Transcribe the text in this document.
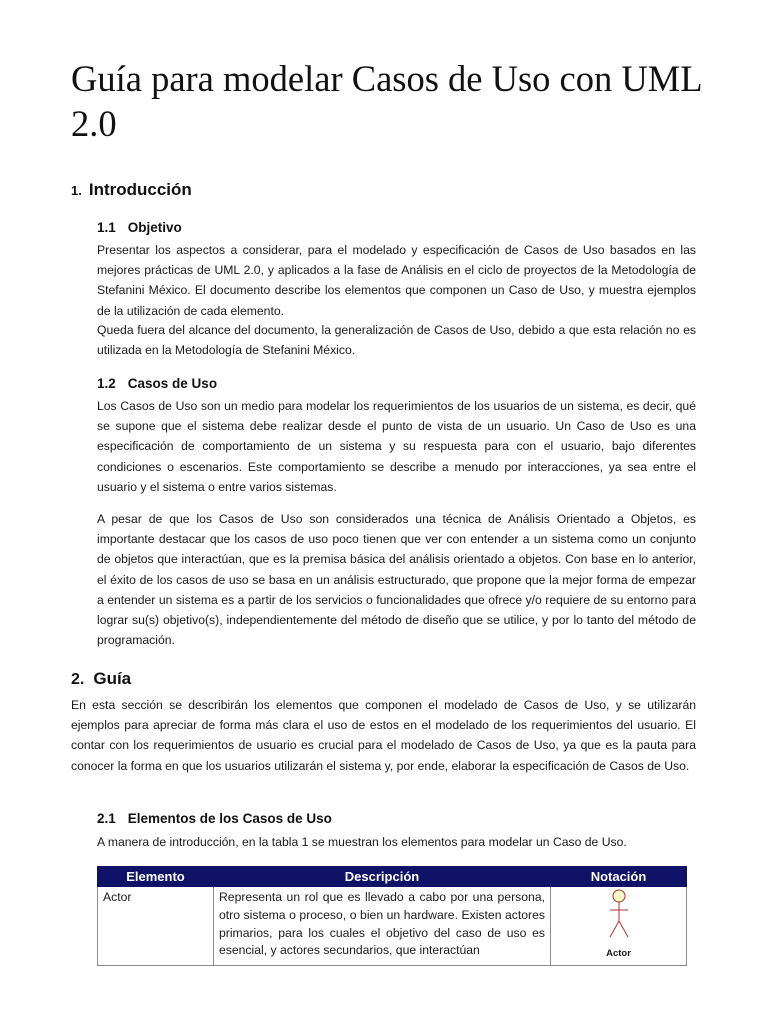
Guía para modelar Casos de Uso con UML 2.0
1. Introducción
1.1 Objetivo

Presentar los aspectos a considerar, para el modelado y especificación de Casos de Uso basados en las mejores prácticas de UML 2.0, y aplicados a la fase de Análisis en el ciclo de proyectos de la Metodología de Stefanini México. El documento describe los elementos que componen un Caso de Uso, y muestra ejemplos de la utilización de cada elemento.

Queda fuera del alcance del documento, la generalización de Casos de Uso, debido a que esta relación no es utilizada en la Metodología de Stefanini México.

1.2 Casos de Uso

Los Casos de Uso son un medio para modelar los requerimientos de los usuarios de un sistema, es decir, qué se supone que el sistema debe realizar desde el punto de vista de un usuario. Un Caso de Uso es una especificación de comportamiento de un sistema y su respuesta para con el usuario, bajo diferentes condiciones o escenarios. Este comportamiento se describe a menudo por interacciones, ya sea entre el usuario y el sistema o entre varios sistemas.

A pesar de que los Casos de Uso son considerados una técnica de Análisis Orientado a Objetos, es importante destacar que los casos de uso poco tienen que ver con entender a un sistema como un conjunto de objetos que interactúan, que es la premisa básica del análisis orientado a objetos. Con base en lo anterior, el éxito de los casos de uso se basa en un análisis estructurado, que propone que la mejor forma de empezar a entender un sistema es a partir de los servicios o funcionalidades que ofrece y/o requiere de su entorno para lograr su(s) objetivo(s), independientemente del método de diseño que se utilice, y por lo tanto del método de programación.

2. Guía

En esta sección se describirán los elementos que componen el modelado de Casos de Uso, y se utilizarán ejemplos para apreciar de forma más clara el uso de estos en el modelado de los requerimientos del usuario. El contar con los requerimientos de usuario es crucial para el modelado de Casos de Uso, ya que es la pauta para conocer la forma en que los usuarios utilizarán el sistema y, por ende, elaborar la especificación de Casos de Uso.

2.1 Elementos de los Casos de Uso

A manera de introducción, en la tabla 1 se muestran los elementos para modelar un Caso de Uso.

Elemento	Descripción	Notación
Actor	Representa un rol que es llevado a cabo por una persona, otro sistema o proceso, o bien un hardware. Existen actores primarios, para los cuales el objetivo del caso de uso es esencial, y actores secundarios, que interactúan	Actor
